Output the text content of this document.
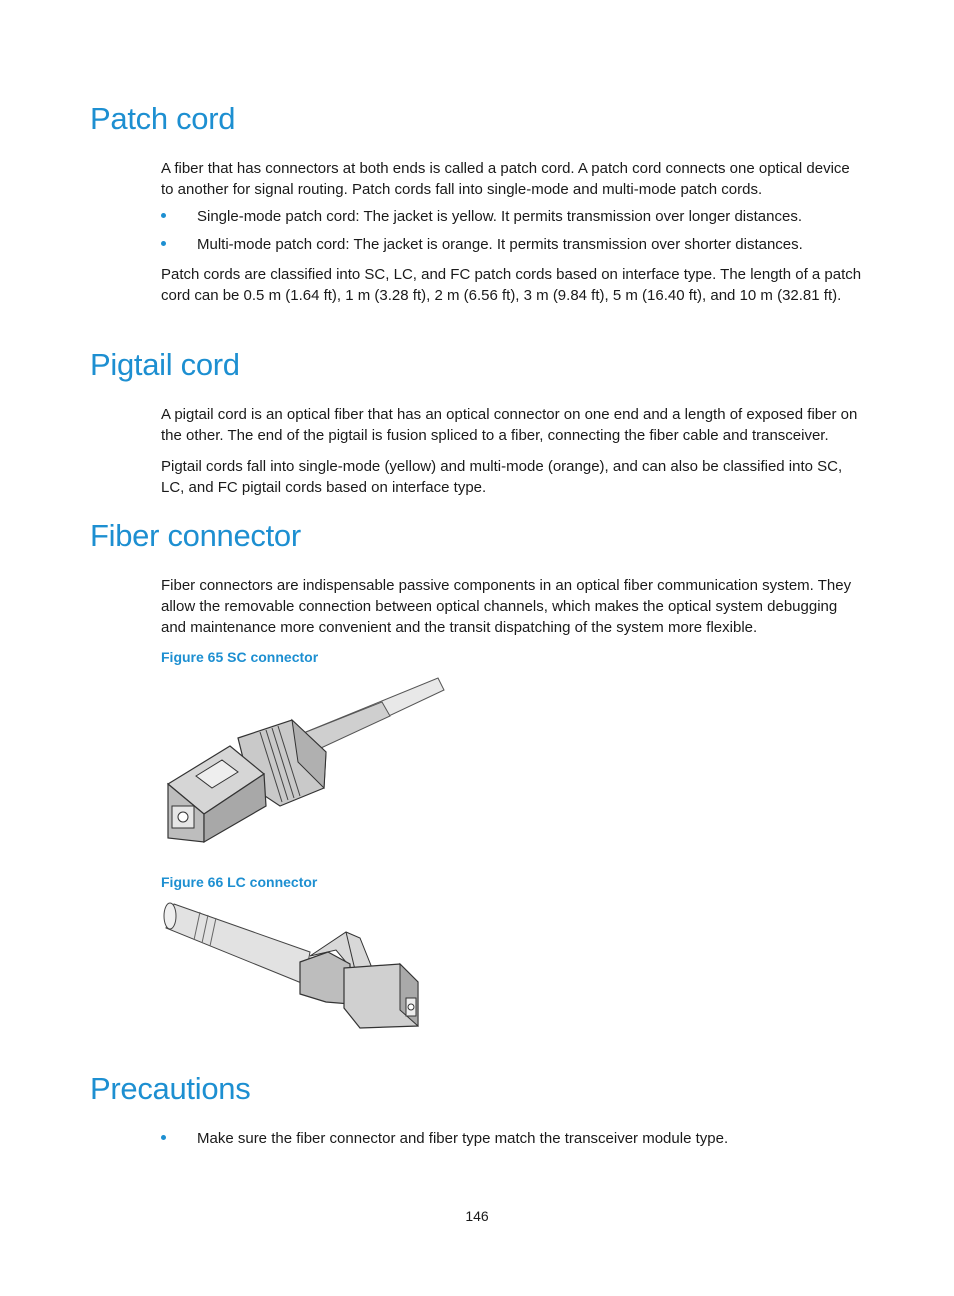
Patch cord

A fiber that has connectors at both ends is called a patch cord. A patch cord connects one optical device to another for signal routing. Patch cords fall into single-mode and multi-mode patch cords.

Single-mode patch cord: The jacket is yellow. It permits transmission over longer distances.
Multi-mode patch cord: The jacket is orange. It permits transmission over shorter distances.

Patch cords are classified into SC, LC, and FC patch cords based on interface type. The length of a patch cord can be 0.5 m (1.64 ft), 1 m (3.28 ft), 2 m (6.56 ft), 3 m (9.84 ft), 5 m (16.40 ft), and 10 m (32.81 ft).

Pigtail cord

A pigtail cord is an optical fiber that has an optical connector on one end and a length of exposed fiber on the other. The end of the pigtail is fusion spliced to a fiber, connecting the fiber cable and transceiver.

Pigtail cords fall into single-mode (yellow) and multi-mode (orange), and can also be classified into SC, LC, and FC pigtail cords based on interface type.

Fiber connector

Fiber connectors are indispensable passive components in an optical fiber communication system. They allow the removable connection between optical channels, which makes the optical system debugging and maintenance more convenient and the transit dispatching of the system more flexible.

Figure 65 SC connector
Figure 66 LC connector
Precautions
Make sure the fiber connector and fiber type match the transceiver module type.
146
